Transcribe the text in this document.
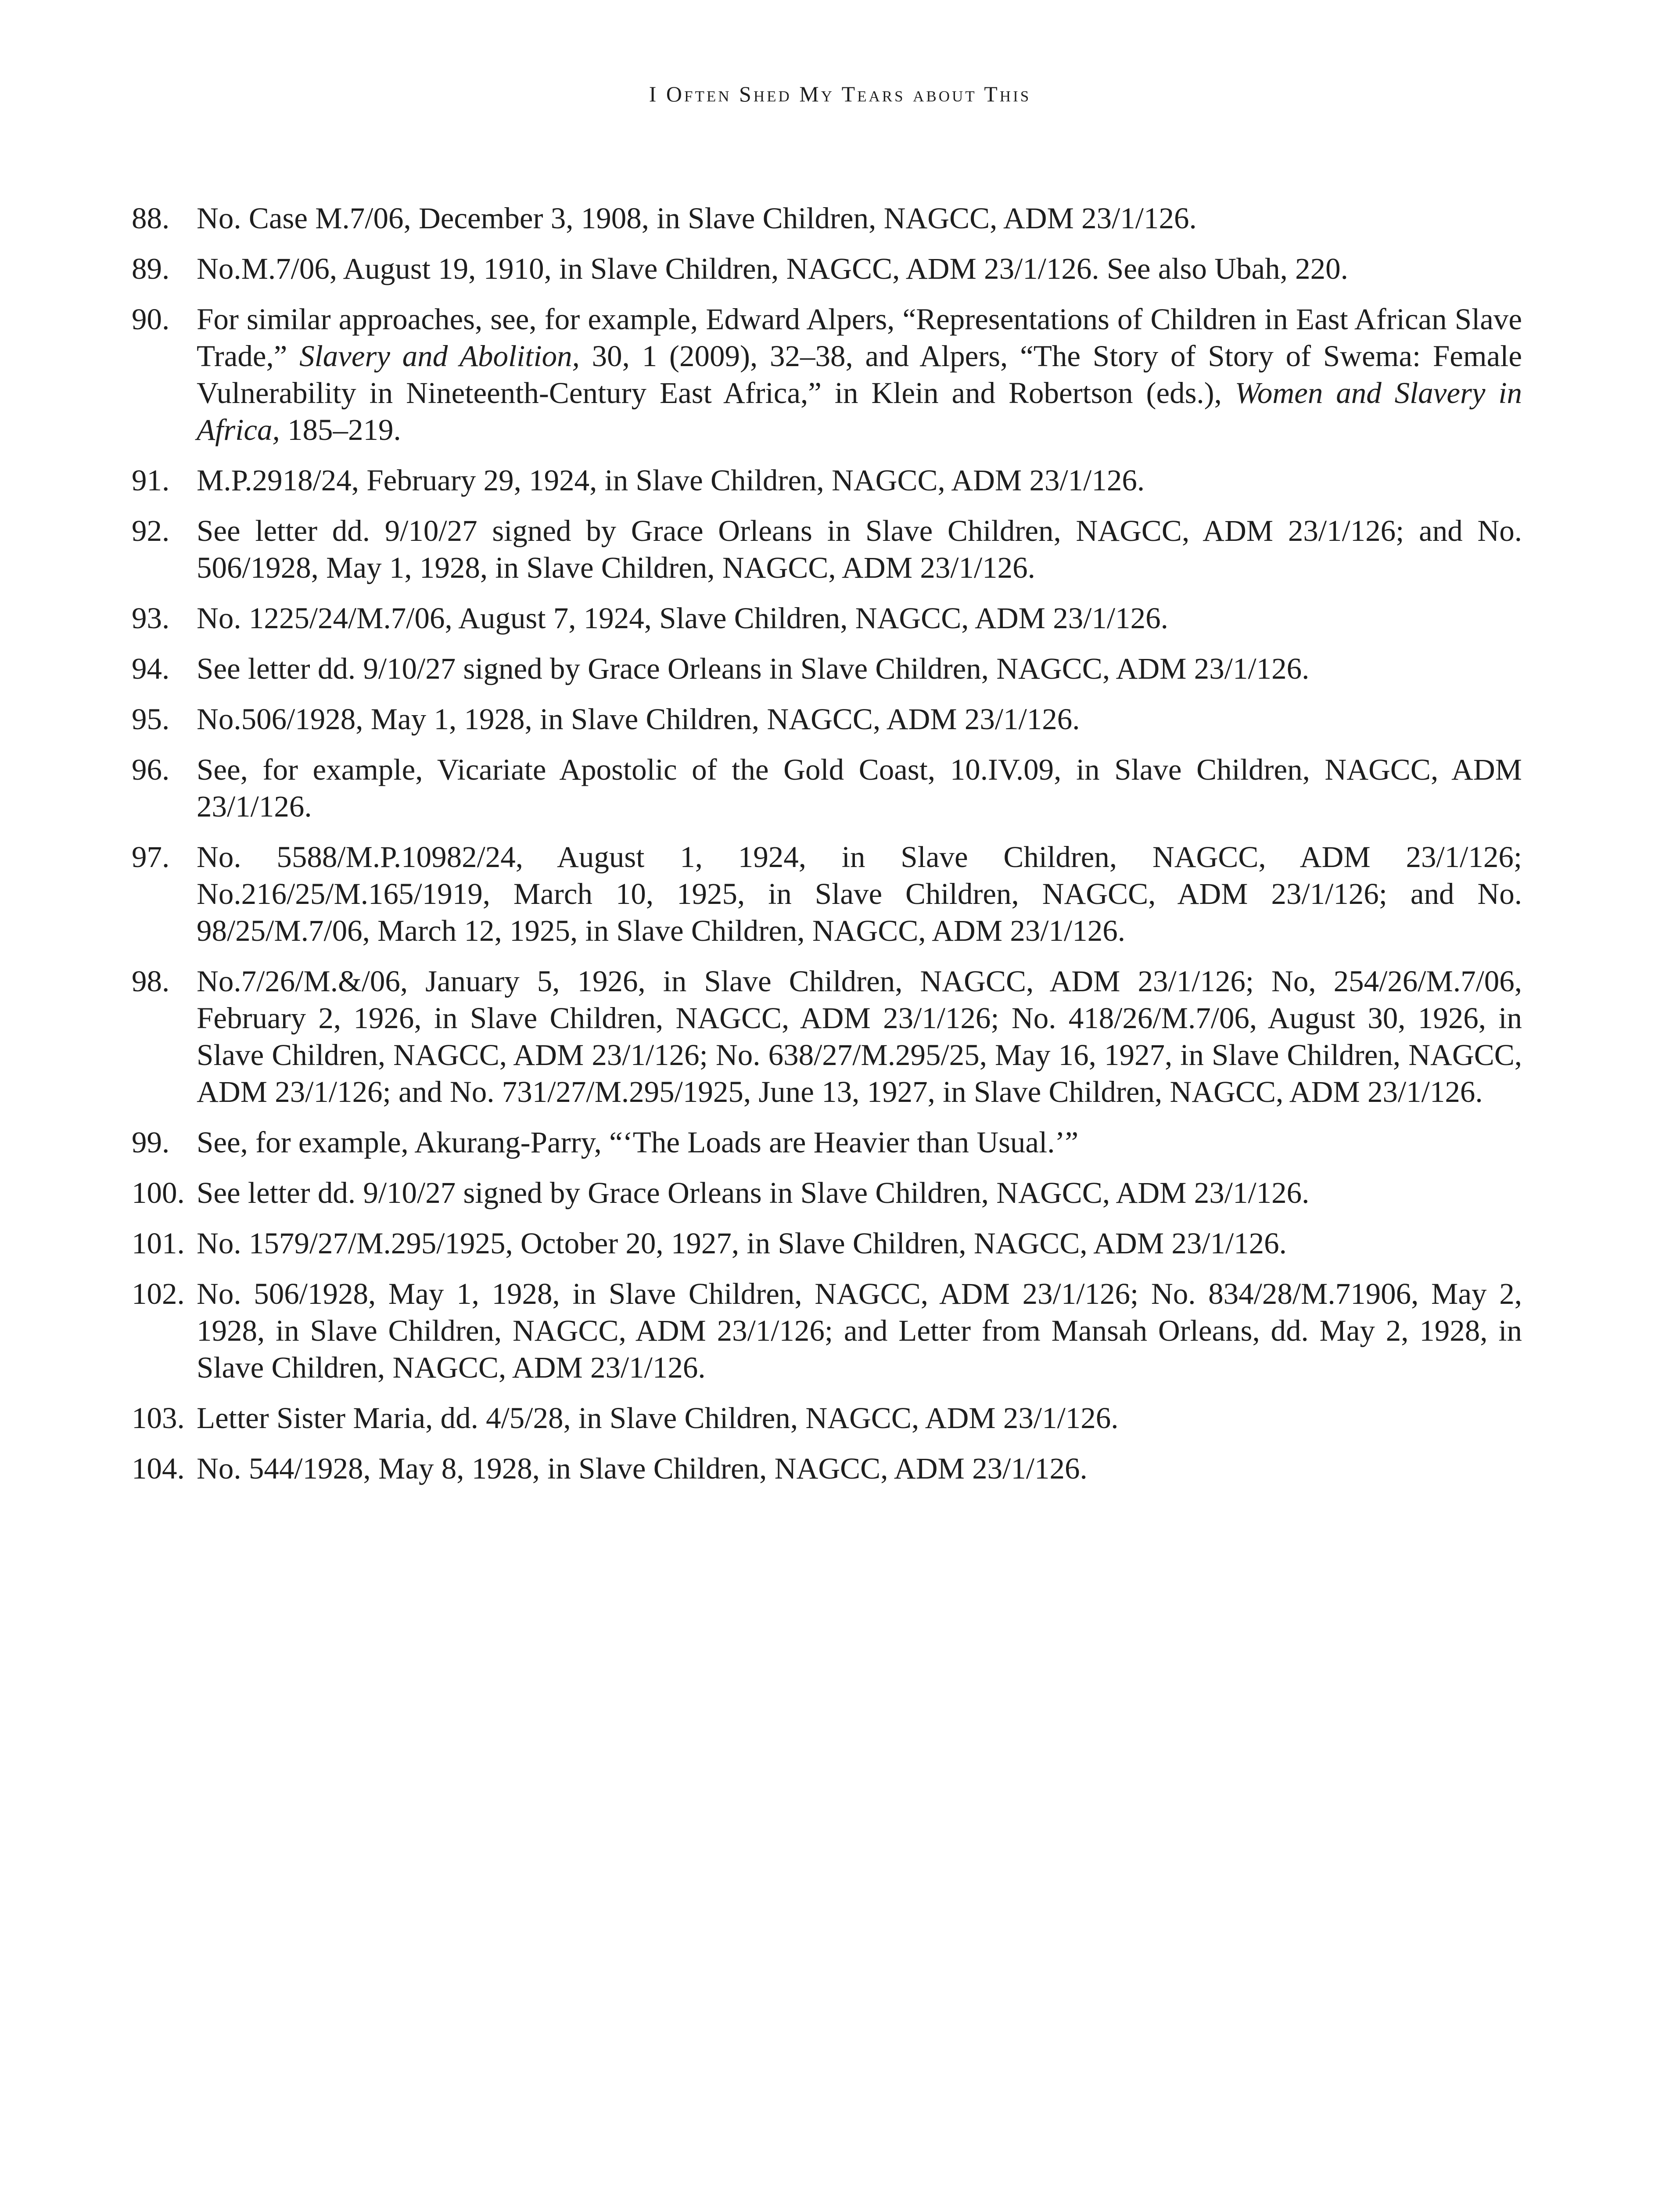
I Often Shed My Tears about This
88. No. Case M.7/06, December 3, 1908, in Slave Children, NAGCC, ADM 23/1/126.
89. No.M.7/06, August 19, 1910, in Slave Children, NAGCC, ADM 23/1/126. See also Ubah, 220.
90. For similar approaches, see, for example, Edward Alpers, “Representations of Children in East African Slave Trade,” Slavery and Abolition, 30, 1 (2009), 32–38, and Alpers, “The Story of Story of Swema: Female Vulnerability in Nineteenth-Century East Africa,” in Klein and Robertson (eds.), Women and Slavery in Africa, 185–219.
91. M.P.2918/24, February 29, 1924, in Slave Children, NAGCC, ADM 23/1/126.
92. See letter dd. 9/10/27 signed by Grace Orleans in Slave Children, NAGCC, ADM 23/1/126; and No. 506/1928, May 1, 1928, in Slave Children, NAGCC, ADM 23/1/126.
93. No. 1225/24/M.7/06, August 7, 1924, Slave Children, NAGCC, ADM 23/1/126.
94. See letter dd. 9/10/27 signed by Grace Orleans in Slave Children, NAGCC, ADM 23/1/126.
95. No.506/1928, May 1, 1928, in Slave Children, NAGCC, ADM 23/1/126.
96. See, for example, Vicariate Apostolic of the Gold Coast, 10.IV.09, in Slave Children, NAGCC, ADM 23/1/126.
97. No. 5588/M.P.10982/24, August 1, 1924, in Slave Children, NAGCC, ADM 23/1/126; No.216/25/M.165/1919, March 10, 1925, in Slave Children, NAGCC, ADM 23/1/126; and No. 98/25/M.7/06, March 12, 1925, in Slave Children, NAGCC, ADM 23/1/126.
98. No.7/26/M.&/06, January 5, 1926, in Slave Children, NAGCC, ADM 23/1/126; No, 254/26/M.7/06, February 2, 1926, in Slave Children, NAGCC, ADM 23/1/126; No. 418/26/M.7/06, August 30, 1926, in Slave Children, NAGCC, ADM 23/1/126; No. 638/27/M.295/25, May 16, 1927, in Slave Children, NAGCC, ADM 23/1/126; and No. 731/27/M.295/1925, June 13, 1927, in Slave Children, NAGCC, ADM 23/1/126.
99. See, for example, Akurang-Parry, “‘The Loads are Heavier than Usual.’”
100. See letter dd. 9/10/27 signed by Grace Orleans in Slave Children, NAGCC, ADM 23/1/126.
101. No. 1579/27/M.295/1925, October 20, 1927, in Slave Children, NAGCC, ADM 23/1/126.
102. No. 506/1928, May 1, 1928, in Slave Children, NAGCC, ADM 23/1/126; No. 834/28/M.71906, May 2, 1928, in Slave Children, NAGCC, ADM 23/1/126; and Letter from Mansah Orleans, dd. May 2, 1928, in Slave Children, NAGCC, ADM 23/1/126.
103. Letter Sister Maria, dd. 4/5/28, in Slave Children, NAGCC, ADM 23/1/126.
104. No. 544/1928, May 8, 1928, in Slave Children, NAGCC, ADM 23/1/126.
